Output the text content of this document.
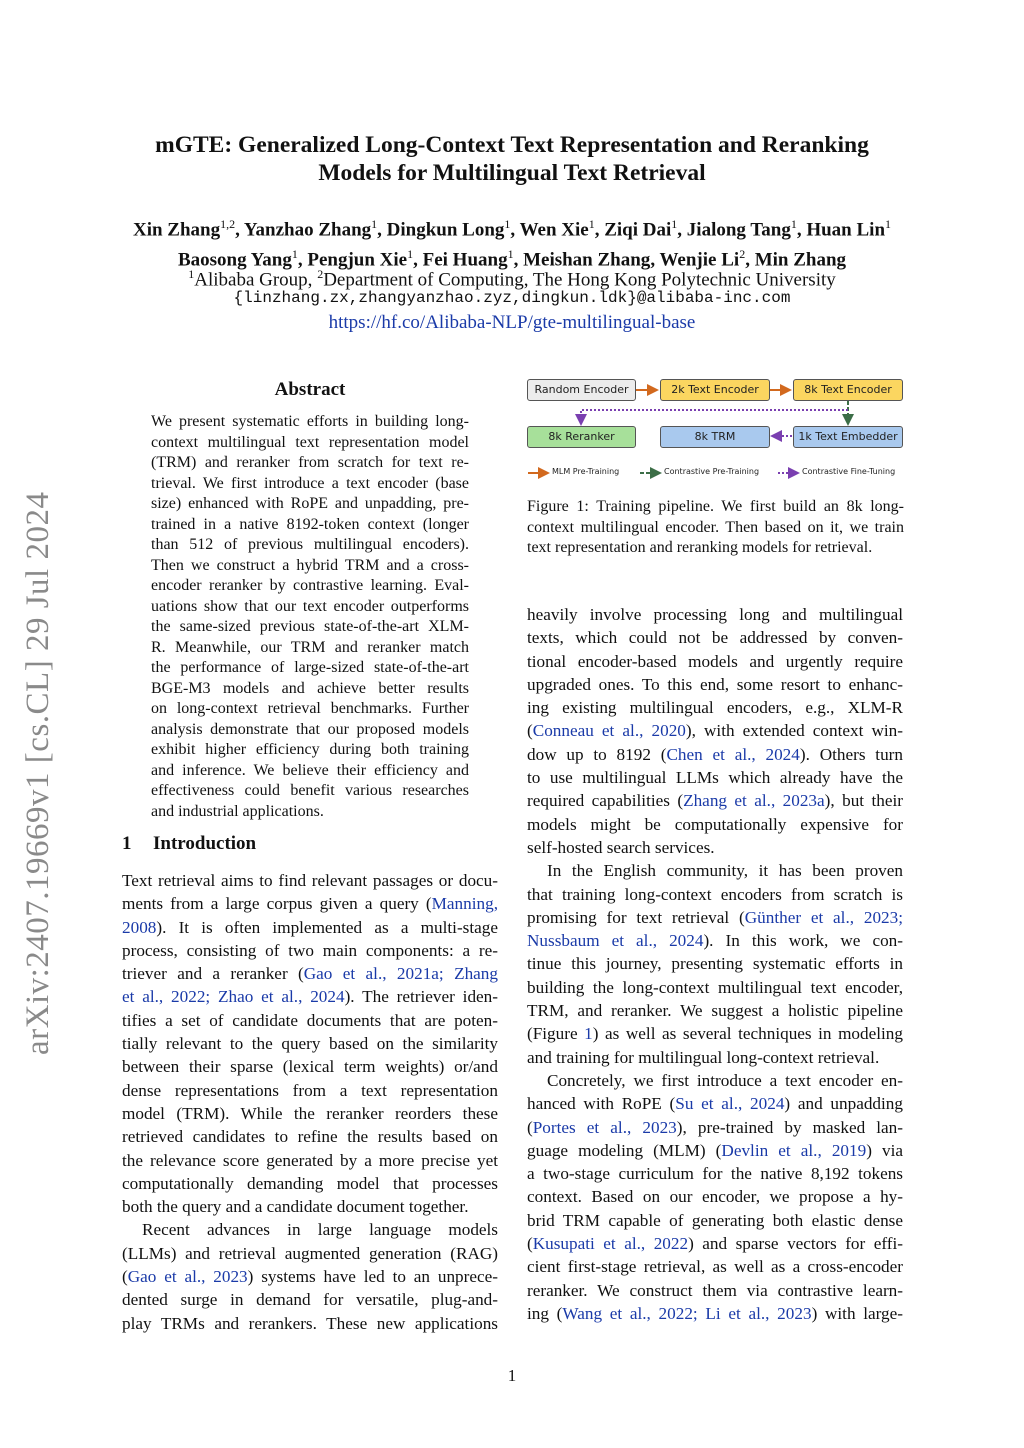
arXiv:2407.19669v1 [cs.CL] 29 Jul 2024
mGTE: Generalized Long-Context Text Representation and Reranking
Models for Multilingual Text Retrieval
Xin Zhang$^{1,2}$, Yanzhao Zhang$^1$, Dingkun Long$^1$, Wen Xie$^1$, Ziqi Dai$^1$, Jialong Tang$^1$, Huan Lin$^1$
Baosong Yang$^1$, Pengjun Xie$^1$, Fei Huang$^1$, Meishan Zhang, Wenjie Li$^2$, Min Zhang
$^1$Alibaba Group, $^2$Department of Computing, The Hong Kong Polytechnic University
{linzhang.zx,zhangyanzhao.zyz,dingkun.ldk}@alibaba-inc.com
https://hf.co/Alibaba-NLP/gte-multilingual-base
Abstract
We present systematic efforts in building long-
context multilingual text representation model
(TRM) and reranker from scratch for text re-
trieval. We first introduce a text encoder (base
size) enhanced with RoPE and unpadding, pre-
trained in a native 8192-token context (longer
than 512 of previous multilingual encoders).
Then we construct a hybrid TRM and a cross-
encoder reranker by contrastive learning. Eval-
uations show that our text encoder outperforms
the same-sized previous state-of-the-art XLM-
R. Meanwhile, our TRM and reranker match
the performance of large-sized state-of-the-art
BGE-M3 models and achieve better results
on long-context retrieval benchmarks. Further
analysis demonstrate that our proposed models
exhibit higher efficiency during both training
and inference. We believe their efficiency and
effectiveness could benefit various researches
and industrial applications.
1 Introduction
Text retrieval aims to find relevant passages or docu-
ments from a large corpus given a query (Manning,
2008). It is often implemented as a multi-stage
process, consisting of two main components: a re-
triever and a reranker (Gao et al., 2021a; Zhang
et al., 2022; Zhao et al., 2024). The retriever iden-
tifies a set of candidate documents that are poten-
tially relevant to the query based on the similarity
between their sparse (lexical term weights) or/and
dense representations from a text representation
model (TRM). While the reranker reorders these
retrieved candidates to refine the results based on
the relevance score generated by a more precise yet
computationally demanding model that processes
both the query and a candidate document together.
Recent advances in large language models
(LLMs) and retrieval augmented generation (RAG)
(Gao et al., 2023) systems have led to an unprece-
dented surge in demand for versatile, plug-and-
play TRMs and rerankers. These new applications
Random Encoder	2k Text Encoder	8k Text Encoder
8k Reranker	8k TRM	1k Text Embedder
MLM Pre-Training	Contrastive Pre-Training	Contrastive Fine-Tuning
Figure 1: Training pipeline. We first build an 8k long-
context multilingual encoder. Then based on it, we train
text representation and reranking models for retrieval.
heavily involve processing long and multilingual
texts, which could not be addressed by conven-
tional encoder-based models and urgently require
upgraded ones. To this end, some resort to enhanc-
ing existing multilingual encoders, e.g., XLM-R
(Conneau et al., 2020), with extended context win-
dow up to 8192 (Chen et al., 2024). Others turn
to use multilingual LLMs which already have the
required capabilities (Zhang et al., 2023a), but their
models might be computationally expensive for
self-hosted search services.
In the English community, it has been proven
that training long-context encoders from scratch is
promising for text retrieval (Günther et al., 2023;
Nussbaum et al., 2024). In this work, we con-
tinue this journey, presenting systematic efforts in
building the long-context multilingual text encoder,
TRM, and reranker. We suggest a holistic pipeline
(Figure 1) as well as several techniques in modeling
and training for multilingual long-context retrieval.
Concretely, we first introduce a text encoder en-
hanced with RoPE (Su et al., 2024) and unpadding
(Portes et al., 2023), pre-trained by masked lan-
guage modeling (MLM) (Devlin et al., 2019) via
a two-stage curriculum for the native 8,192 tokens
context. Based on our encoder, we propose a hy-
brid TRM capable of generating both elastic dense
(Kusupati et al., 2022) and sparse vectors for effi-
cient first-stage retrieval, as well as a cross-encoder
reranker. We construct them via contrastive learn-
ing (Wang et al., 2022; Li et al., 2023) with large-
1
